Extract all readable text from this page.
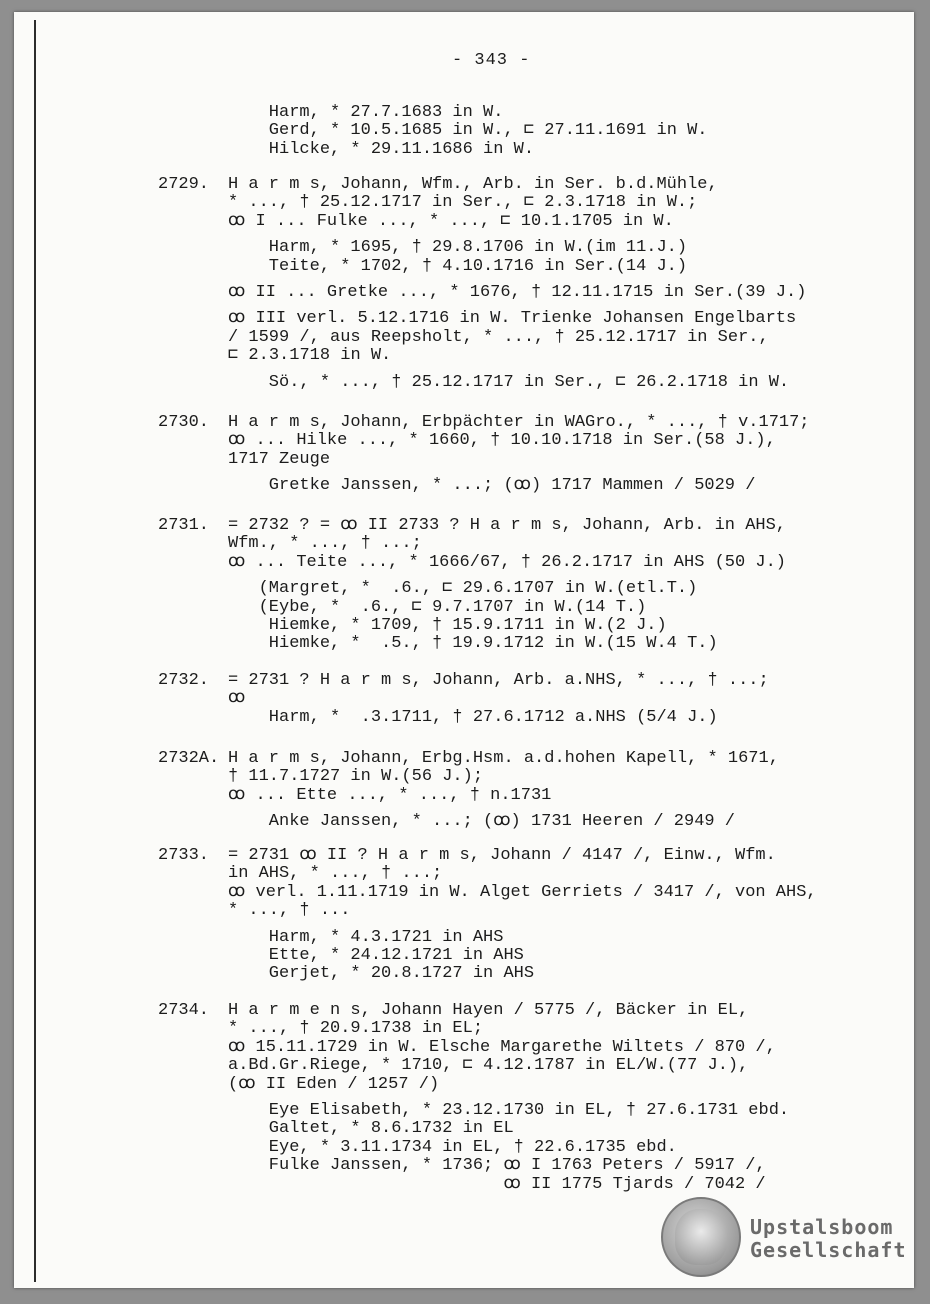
- 343 -
Harm, * 27.7.1683 in W.
Gerd, * 10.5.1685 in W., ⊏ 27.11.1691 in W.
Hilcke, * 29.11.1686 in W.
2729.	H a r m s, Johann, Wfm., Arb. in Ser. b.d.Mühle,
* ..., † 25.12.1717 in Ser., ⊏ 2.3.1718 in W.;
ꝏ I ... Fulke ..., * ..., ⊏ 10.1.1705 in W.
Harm, * 1695, † 29.8.1706 in W.(im 11.J.)
Teite, * 1702, † 4.10.1716 in Ser.(14 J.)
ꝏ II ... Gretke ..., * 1676, † 12.11.1715 in Ser.(39 J.)
ꝏ III verl. 5.12.1716 in W. Trienke Johansen Engelbarts
/ 1599 /, aus Reepsholt, * ..., † 25.12.1717 in Ser.,
⊏ 2.3.1718 in W.
Sö., * ..., † 25.12.1717 in Ser., ⊏ 26.2.1718 in W.
2730.	H a r m s, Johann, Erbpächter in WAGro., * ..., † v.1717;
ꝏ ... Hilke ..., * 1660, † 10.10.1718 in Ser.(58 J.),
1717 Zeuge
Gretke Janssen, * ...; (ꝏ) 1717 Mammen / 5029 /
2731.	= 2732 ? = ꝏ II 2733 ? H a r m s, Johann, Arb. in AHS,
Wfm., * ..., † ...;
ꝏ ... Teite ..., * 1666/67, † 26.2.1717 in AHS (50 J.)
(Margret, *  .6., ⊏ 29.6.1707 in W.(etl.T.)
(Eybe, *  .6., ⊏ 9.7.1707 in W.(14 T.)
Hiemke, * 1709, † 15.9.1711 in W.(2 J.)
Hiemke, *  .5., † 19.9.1712 in W.(15 W.4 T.)
2732.	= 2731 ? H a r m s, Johann, Arb. a.NHS, * ..., † ...;
ꝏ
Harm, *  .3.1711, † 27.6.1712 a.NHS (5/4 J.)
2732A. H a r m s, Johann, Erbg.Hsm. a.d.hohen Kapell, * 1671,
† 11.7.1727 in W.(56 J.);
ꝏ ... Ette ..., * ..., † n.1731
Anke Janssen, * ...; (ꝏ) 1731 Heeren / 2949 /
2733.	= 2731 ꝏ II ? H a r m s, Johann / 4147 /, Einw., Wfm.
in AHS, * ..., † ...;
ꝏ verl. 1.11.1719 in W. Alget Gerriets / 3417 /, von AHS,
* ..., † ...
Harm, * 4.3.1721 in AHS
Ette, * 24.12.1721 in AHS
Gerjet, * 20.8.1727 in AHS
2734.	H a r m e n s, Johann Hayen / 5775 /, Bäcker in EL,
* ..., † 20.9.1738 in EL;
ꝏ 15.11.1729 in W. Elsche Margarethe Wiltets / 870 /,
a.Bd.Gr.Riege, * 1710, ⊏ 4.12.1787 in EL/W.(77 J.),
(ꝏ II Eden / 1257 /)
Eye Elisabeth, * 23.12.1730 in EL, † 27.6.1731 ebd.
Galtet, * 8.6.1732 in EL
Eye, * 3.11.1734 in EL, † 22.6.1735 ebd.
Fulke Janssen, * 1736; ꝏ I 1763 Peters / 5917 /,
ꝏ II 1775 Tjards / 7042 /
Upstalsboom
Gesellschaft
